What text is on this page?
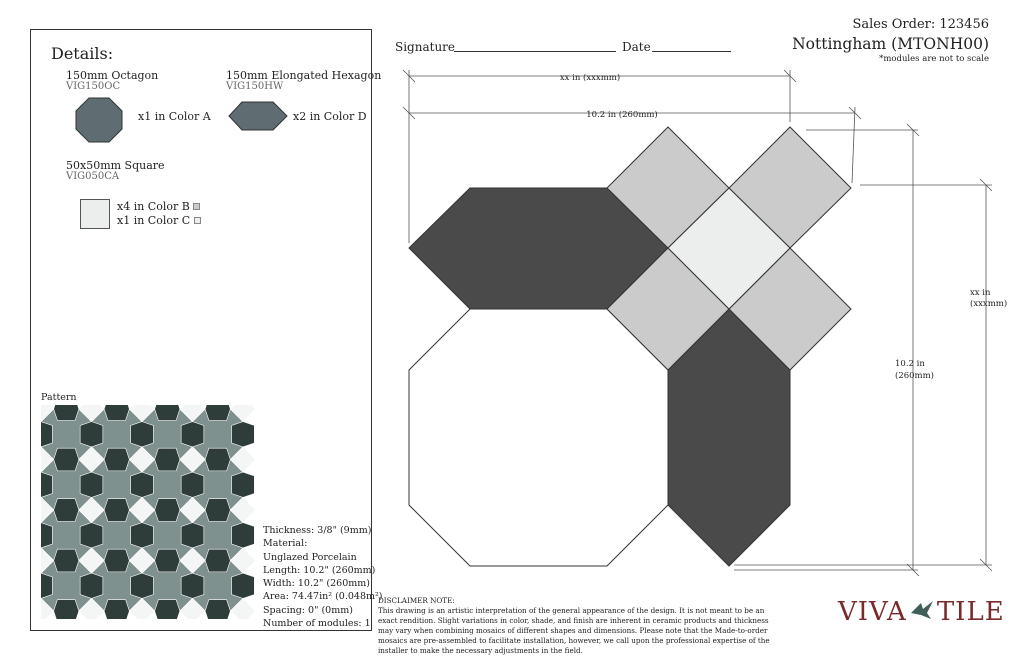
Details:
150mm Octagon
VIG150OC
x1 in Color A
150mm Elongated Hexagon
VIG150HW
x2 in Color D
50x50mm Square
VIG050CA
x4 in Color B
x1 in Color C
Pattern
Thickness: 3/8" (9mm)
Material:
Unglazed Porcelain
Length: 10.2" (260mm)
Width: 10.2" (260mm)
Area: 74.47in² (0.048m²)
Spacing: 0" (0mm)
Number of modules: 1
Signature	Date
Sales Order: 123456
Nottingham (MTONH00)
*modules are not to scale
xx in (xxxmm)
10.2 in (260mm)
xx in
(xxxmm)
10.2 in
(260mm)
DISCLAIMER NOTE:
This drawing is an artistic interpretation of the general appearance of the design. It is not meant to be an exact rendition. Slight variations in color, shade, and finish are inherent in ceramic products and thickness may vary when combining mosaics of different shapes and dimensions. Please note that the Made-to-order mosaics are pre-assembled to facilitate installation, however, we call upon the professional expertise of the installer to make the necessary adjustments in the field.
VIVA TILE
